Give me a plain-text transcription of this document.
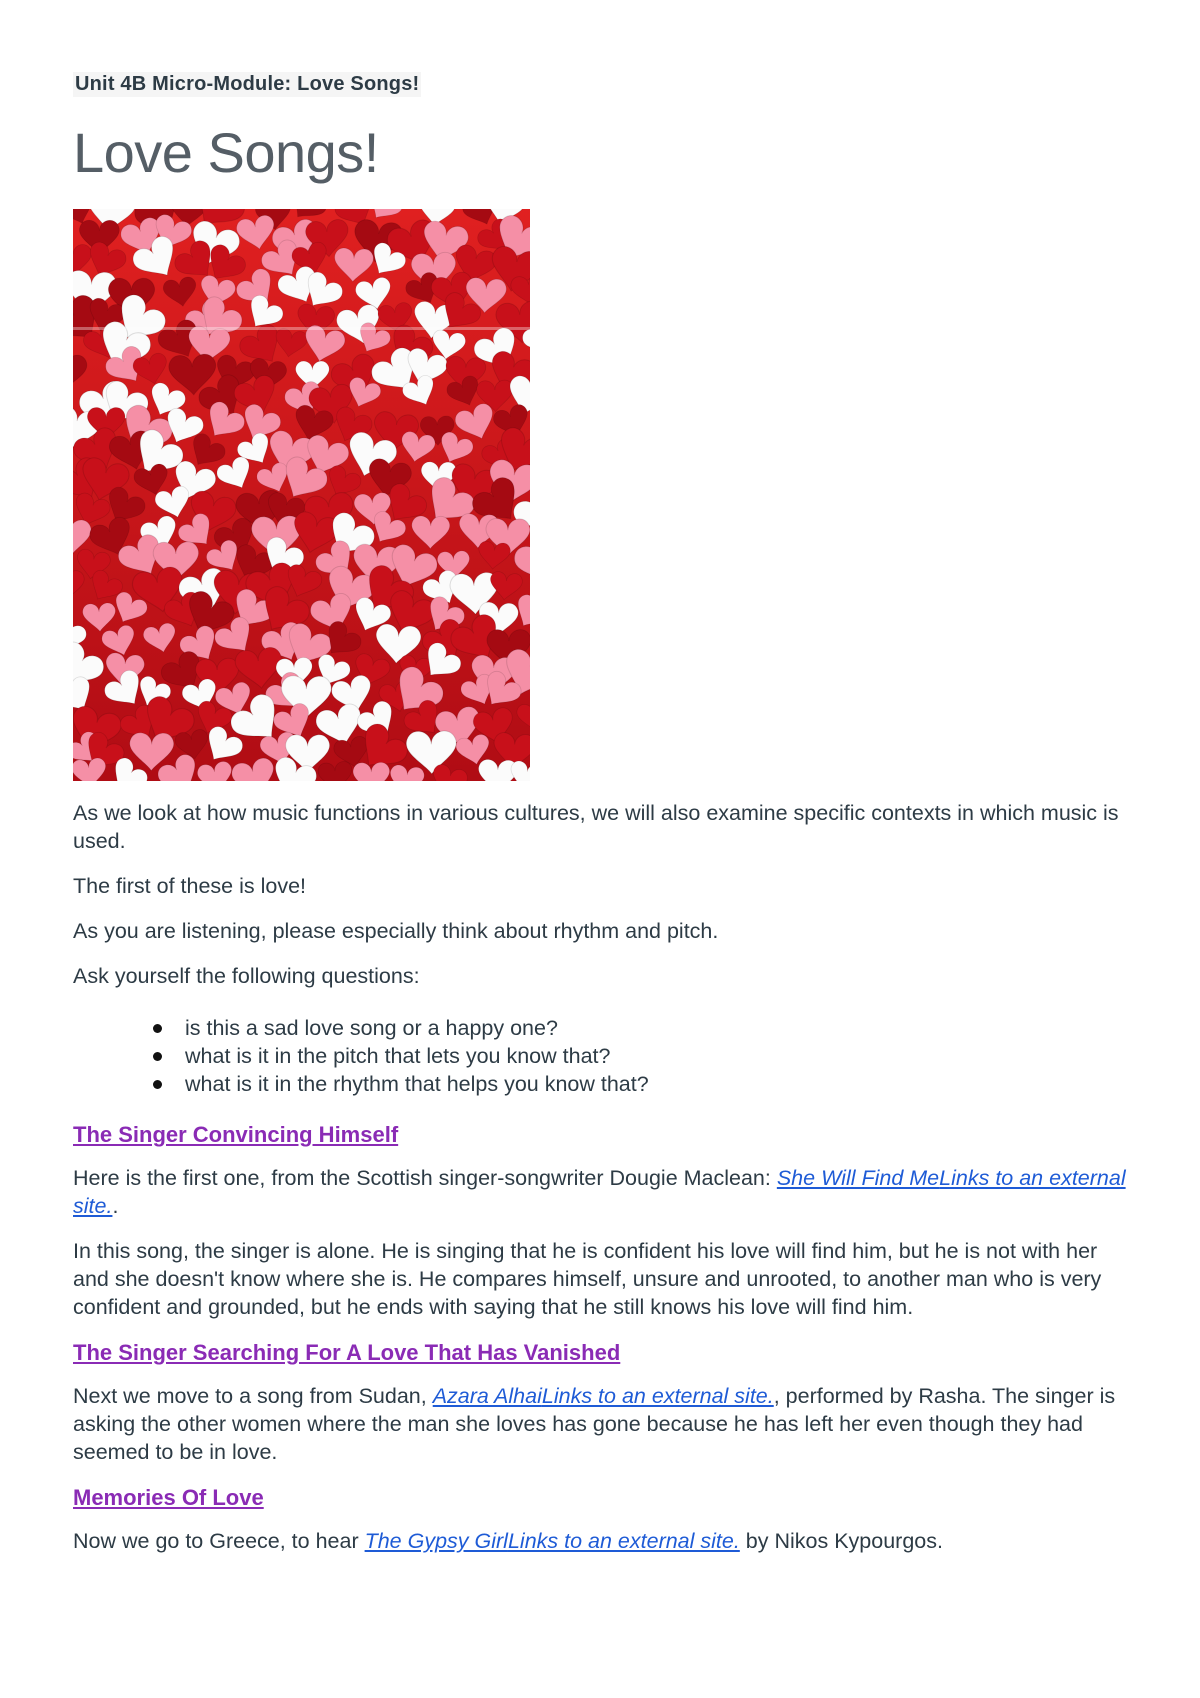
Unit 4B Micro-Module: Love Songs!
Love Songs!

As we look at how music functions in various cultures, we will also examine specific contexts in which music is used.

The first of these is love!

As you are listening, please especially think about rhythm and pitch.

Ask yourself the following questions:

is this a sad love song or a happy one?
what is it in the pitch that lets you know that?
what is it in the rhythm that helps you know that?
The Singer Convincing Himself

Here is the first one, from the Scottish singer-songwriter Dougie Maclean: She Will Find MeLinks to an external site..

In this song, the singer is alone. He is singing that he is confident his love will find him, but he is not with her and she doesn't know where she is. He compares himself, unsure and unrooted, to another man who is very confident and grounded, but he ends with saying that he still knows his love will find him.

The Singer Searching For A Love That Has Vanished

Next we move to a song from Sudan, Azara AlhaiLinks to an external site., performed by Rasha. The singer is asking the other women where the man she loves has gone because he has left her even though they had seemed to be in love.

Memories Of Love

Now we go to Greece, to hear The Gypsy GirlLinks to an external site. by Nikos Kypourgos.
